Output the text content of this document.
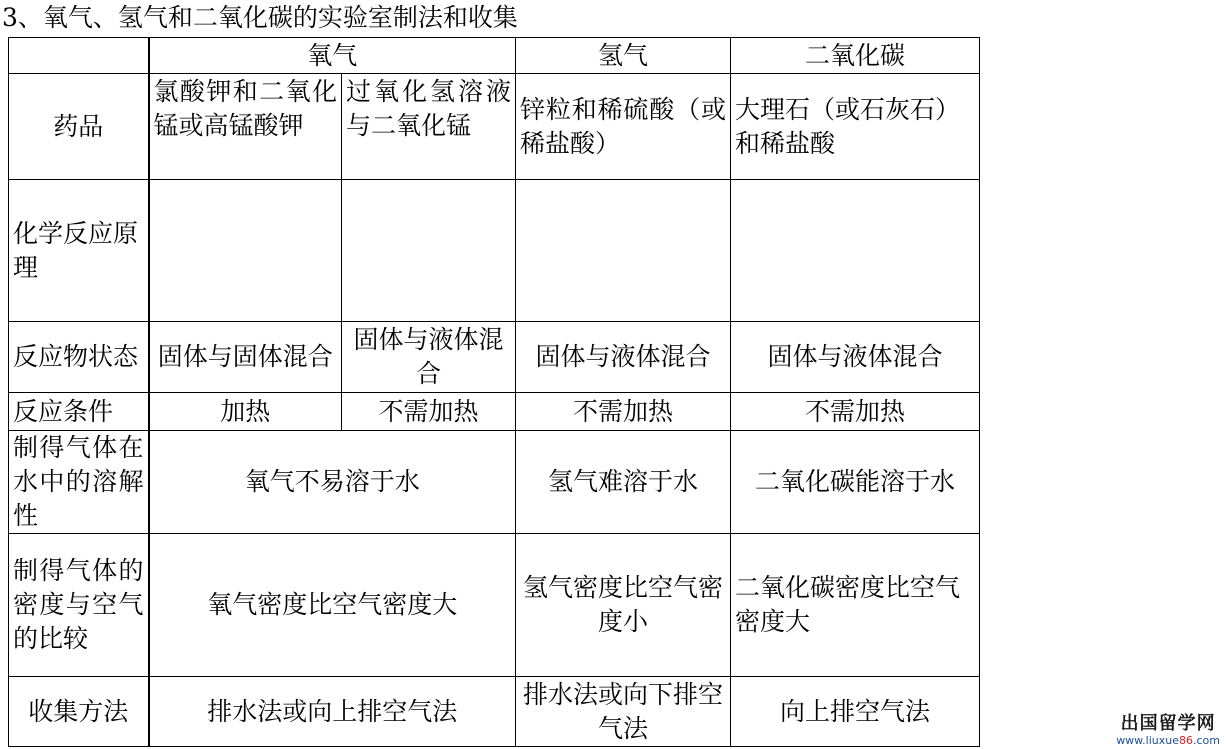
3、氧气、氢气和二氧化碳的实验室制法和收集
	氧气		氢气	二氧化碳
药品	氯酸钾和二氧化锰或高锰酸钾	过氧化氢溶液与二氧化锰	锌粒和稀硫酸（或稀盐酸）	大理石（或石灰石）和稀盐酸
化学反应原理				
反应物状态	固体与固体混合	固体与液体混合	固体与液体混合	固体与液体混合
反应条件	加热	不需加热	不需加热	不需加热
制得气体在水中的溶解性	氧气不易溶于水		氢气难溶于水	二氧化碳能溶于水
制得气体的密度与空气的比较	氧气密度比空气密度大		氢气密度比空气密度小	二氧化碳密度比空气密度大
收集方法	排水法或向上排空气法		排水法或向下排空气法	向上排空气法	出国留学网
www.liuxue86.com
